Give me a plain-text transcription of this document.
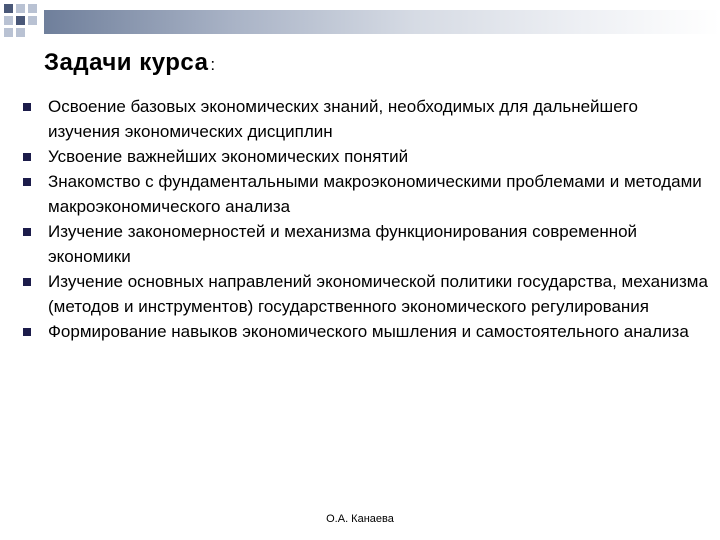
Задачи курса :
Освоение базовых экономических знаний, необходимых для дальнейшего изучения экономических дисциплин
Усвоение важнейших экономических понятий
Знакомство с фундаментальными макроэкономическими проблемами и методами макроэкономического анализа
Изучение закономерностей и механизма функционирования современной экономики
Изучение основных направлений экономической политики государства, механизма (методов и инструментов) государственного экономического регулирования
Формирование навыков экономического мышления и самостоятельного анализа
О.А. Канаева
